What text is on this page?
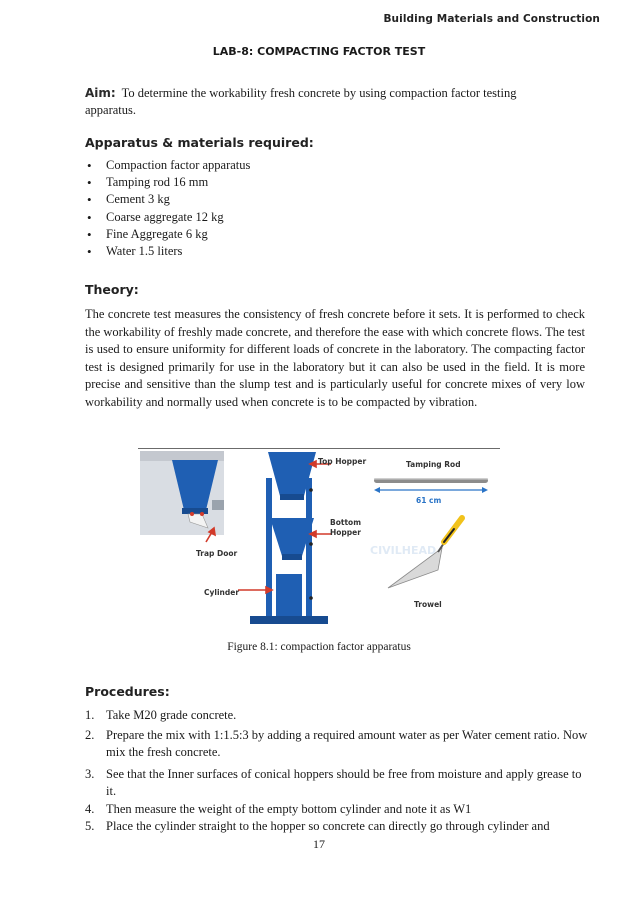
Building Materials and Construction
LAB-8: COMPACTING FACTOR TEST
Aim: To determine the workability fresh concrete by using compaction factor testing apparatus.
Apparatus & materials required:
• Compaction factor apparatus
• Tamping rod 16 mm
• Cement 3 kg
• Coarse aggregate 12 kg
• Fine Aggregate 6 kg
• Water 1.5 liters
Theory:
The concrete test measures the consistency of fresh concrete before it sets. It is performed to check the workability of freshly made concrete, and therefore the ease with which concrete flows. The test is used to ensure uniformity for different loads of concrete in the laboratory. The compacting factor test is designed primarily for use in the laboratory but it can also be used in the field. It is more precise and sensitive than the slump test and is particularly useful for concrete mixes of very low workability and normally used when concrete is to be compacted by vibration.
CIVILHEAD
Top Hopper	Tamping Rod
61 cm
Bottom
Hopper
Trap Door
Cylinder
Trowel
Figure 8.1: compaction factor apparatus
Procedures:
1. Take M20 grade concrete.
2. Prepare the mix with 1:1.5:3 by adding a required amount water as per Water cement ratio. Now mix the fresh concrete.
3. See that the Inner surfaces of conical hoppers should be free from moisture and apply grease to it.
4. Then measure the weight of the empty bottom cylinder and note it as W1
5. Place the cylinder straight to the hopper so concrete can directly go through cylinder and
17
